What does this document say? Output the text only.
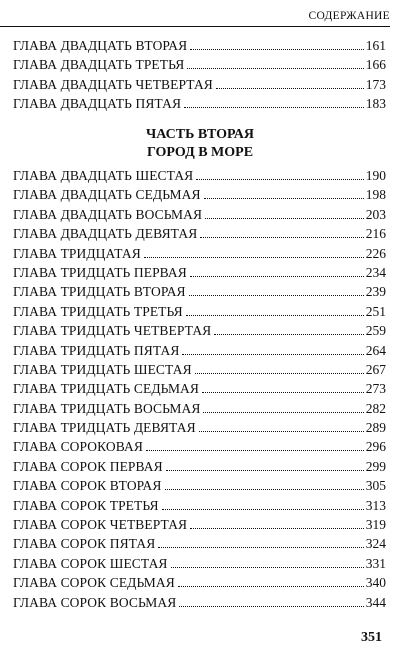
СОДЕРЖАНИЕ
ГЛАВА ДВАДЦАТЬ ВТОРАЯ	161
ГЛАВА ДВАДЦАТЬ ТРЕТЬЯ	166
ГЛАВА ДВАДЦАТЬ ЧЕТВЕРТАЯ	173
ГЛАВА ДВАДЦАТЬ ПЯТАЯ	183
ЧАСТЬ ВТОРАЯ
ГОРОД В МОРЕ
ГЛАВА ДВАДЦАТЬ ШЕСТАЯ	190
ГЛАВА ДВАДЦАТЬ СЕДЬМАЯ	198
ГЛАВА ДВАДЦАТЬ ВОСЬМАЯ	203
ГЛАВА ДВАДЦАТЬ ДЕВЯТАЯ	216
ГЛАВА ТРИДЦАТАЯ	226
ГЛАВА ТРИДЦАТЬ ПЕРВАЯ	234
ГЛАВА ТРИДЦАТЬ ВТОРАЯ	239
ГЛАВА ТРИДЦАТЬ ТРЕТЬЯ	251
ГЛАВА ТРИДЦАТЬ ЧЕТВЕРТАЯ	259
ГЛАВА ТРИДЦАТЬ ПЯТАЯ	264
ГЛАВА ТРИДЦАТЬ ШЕСТАЯ	267
ГЛАВА ТРИДЦАТЬ СЕДЬМАЯ	273
ГЛАВА ТРИДЦАТЬ ВОСЬМАЯ	282
ГЛАВА ТРИДЦАТЬ ДЕВЯТАЯ	289
ГЛАВА СОРОКОВАЯ	296
ГЛАВА СОРОК ПЕРВАЯ	299
ГЛАВА СОРОК ВТОРАЯ	305
ГЛАВА СОРОК ТРЕТЬЯ	313
ГЛАВА СОРОК ЧЕТВЕРТАЯ	319
ГЛАВА СОРОК ПЯТАЯ	324
ГЛАВА СОРОК ШЕСТАЯ	331
ГЛАВА СОРОК СЕДЬМАЯ	340
ГЛАВА СОРОК ВОСЬМАЯ	344
351
